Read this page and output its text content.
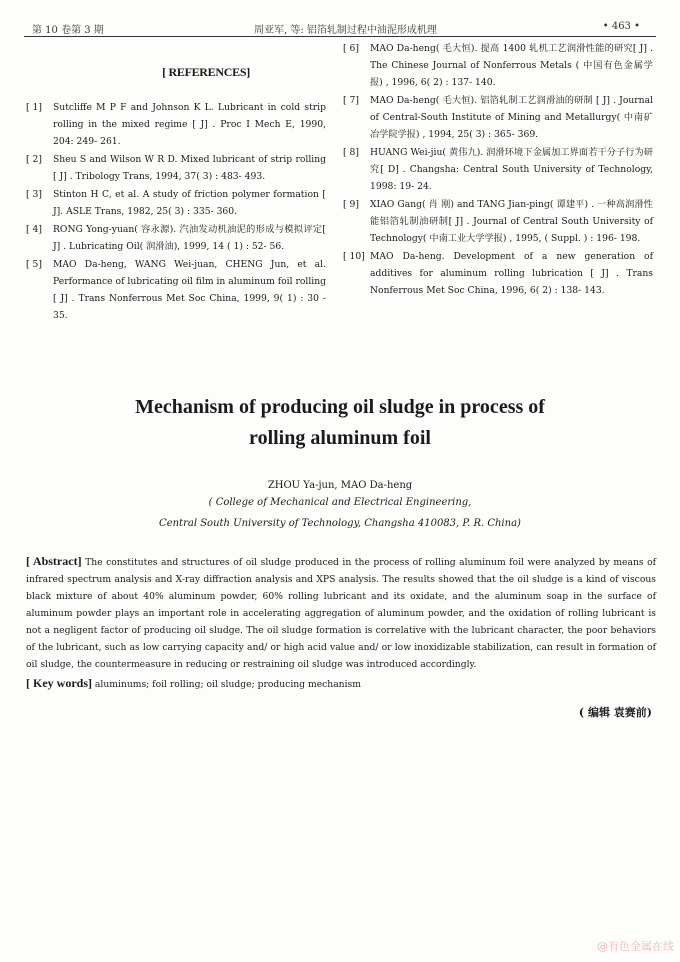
第 10 卷第 3 期	周亚军, 等: 铝箔轧制过程中油泥形成机理	• 463 •
[ REFERENCES]
[ 1]	Sutcliffe M P F and Johnson K L. Lubricant in cold strip rolling in the mixed regime [ J] . Proc I Mech E, 1990, 204: 249- 261.
[ 2]	Sheu S and Wilson W R D. Mixed lubricant of strip rolling [ J] . Tribology Trans, 1994, 37( 3) : 483- 493.
[ 3]	Stinton H C, et al. A study of friction polymer formation [ J]. ASLE Trans, 1982, 25( 3) : 335- 360.
[ 4]	RONG Yong-yuan( 容永源). 汽油发动机油泥的形成与模拟评定[ J] . Lubricating Oil( 润滑油), 1999, 14 ( 1) : 52- 56.
[ 5]	MAO Da-heng, WANG Wei-juan, CHENG Jun, et al. Performance of lubricating oil film in aluminum foil rolling [ J] . Trans Nonferrous Met Soc China, 1999, 9( 1) : 30 - 35.
[ 6]	MAO Da-heng( 毛大恒). 提高 1400 轧机工艺润滑性能的研究[ J] . The Chinese Journal of Nonferrous Metals ( 中国有色金属学报) , 1996, 6( 2) : 137- 140.
[ 7]	MAO Da-heng( 毛大恒). 铝箔轧制工艺润滑油的研制 [ J] . Journal of Central-South Institute of Mining and Metallurgy( 中南矿冶学院学报) , 1994, 25( 3) : 365- 369.
[ 8]	HUANG Wei-jiu( 黄伟九). 润滑环境下金属加工界面若干分子行为研究[ D] . Changsha: Central South University of Technology, 1998: 19- 24.
[ 9]	XIAO Gang( 肖 刚) and TANG Jian-ping( 谭建平) . 一种高润滑性能铝箔轧制油研制[ J] . Journal of Central South University of Technology( 中南工业大学学报) , 1995, ( Suppl. ) : 196- 198.
[ 10] MAO Da-heng. Development of a new generation of additives for aluminum rolling lubrication [ J] . Trans Nonferrous Met Soc China, 1996, 6( 2) : 138- 143.
Mechanism of producing oil sludge in process of
rolling aluminum foil
ZHOU Ya-jun, MAO Da-heng
( College of Mechanical and Electrical Engineering,
Central South University of Technology, Changsha 410083, P. R. China)
[ Abstract] The constitutes and structures of oil sludge produced in the process of rolling aluminum foil were analyzed by means of infrared spectrum analysis and X-ray diffraction analysis and XPS analysis. The results showed that the oil sludge is a kind of viscous black mixture of about 40% aluminum powder, 60% rolling lubricant and its oxidate, and the aluminum soap in the surface of aluminum powder plays an important role in accelerating aggregation of aluminum powder, and the oxidation of rolling lubricant is not a negligent factor of producing oil sludge. The oil sludge formation is correlative with the lubricant character, the poor behaviors of the lubricant, such as low carrying capacity and/ or high acid value and/ or low inoxidizable stabilization, can result in formation of oil sludge, the countermeasure in reducing or restraining oil sludge was introduced accordingly.
[ Key words] aluminums; foil rolling; oil sludge; producing mechanism
( 编辑 袁赛前)
@有色金属在线
